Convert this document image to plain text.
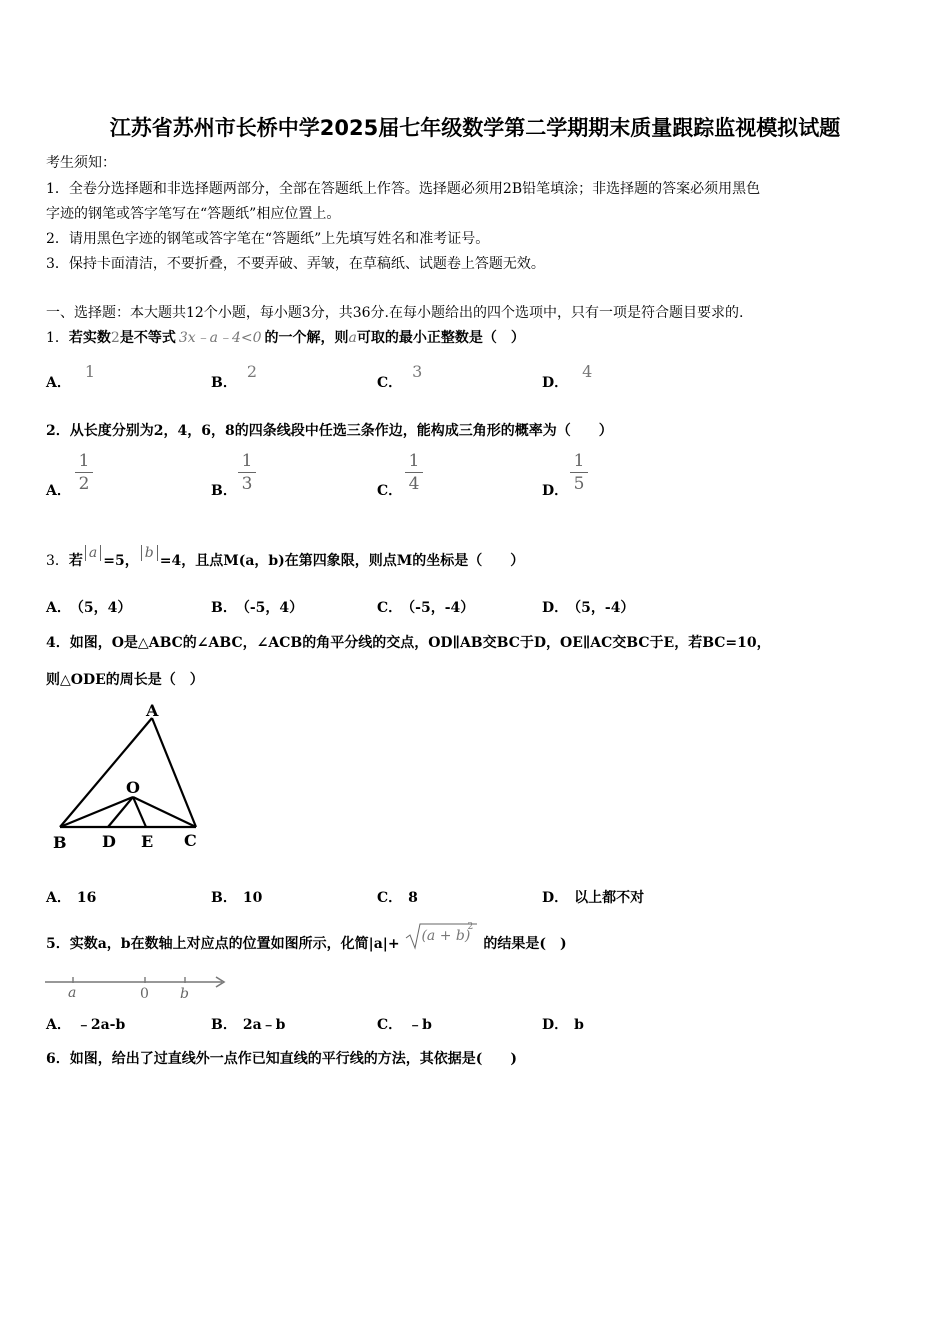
江苏省苏州市长桥中学2025届七年级数学第二学期期末质量跟踪监视模拟试题
考生须知：
1．全卷分选择题和非选择题两部分，全部在答题纸上作答。选择题必须用2B铅笔填涂；非选择题的答案必须用黑色
字迹的钢笔或答字笔写在“答题纸”相应位置上。
2．请用黑色字迹的钢笔或答字笔在“答题纸”上先填写姓名和准考证号。
3．保持卡面清洁，不要折叠，不要弄破、弄皱，在草稿纸、试题卷上答题无效。
一、选择题：本大题共12个小题，每小题3分，共36分.在每小题给出的四个选项中，只有一项是符合题目要求的.
1．若实数2是不等式 3x﹣a﹣4<0 的一个解，则a可取的最小正整数是（　）
A．1
B．2
C．3
D．4
2．从长度分别为2，4，6，8的四条线段中任选三条作边，能构成三角形的概率为（　　）
A．
1
2	B．
1
3	C．
1
4	D．
1
5
3．若 a =5， b =4，且点M(a，b)在第四象限，则点M的坐标是（　　）
A． （5，4）	B． （-5，4）	C． （-5，-4）	D． （5，-4）
4．如图，O是△ABC的∠ABC，∠ACB的角平分线的交点，OD∥AB交BC于D，OE∥AC交BC于E，若BC=10，
则△ODE的周长是（　）
A
O
B D E C
A． 16	B． 10	C． 8	D． 以上都不对
5．实数a，b在数轴上对应点的位置如图所示，化简|a|+ (a + b)
2
的结果是(　)
a	0 b
A． ﹣2a-b	B． 2a﹣b	C． ﹣b	D． b
6．如图，给出了过直线外一点作已知直线的平行线的方法，其依据是(　　)
